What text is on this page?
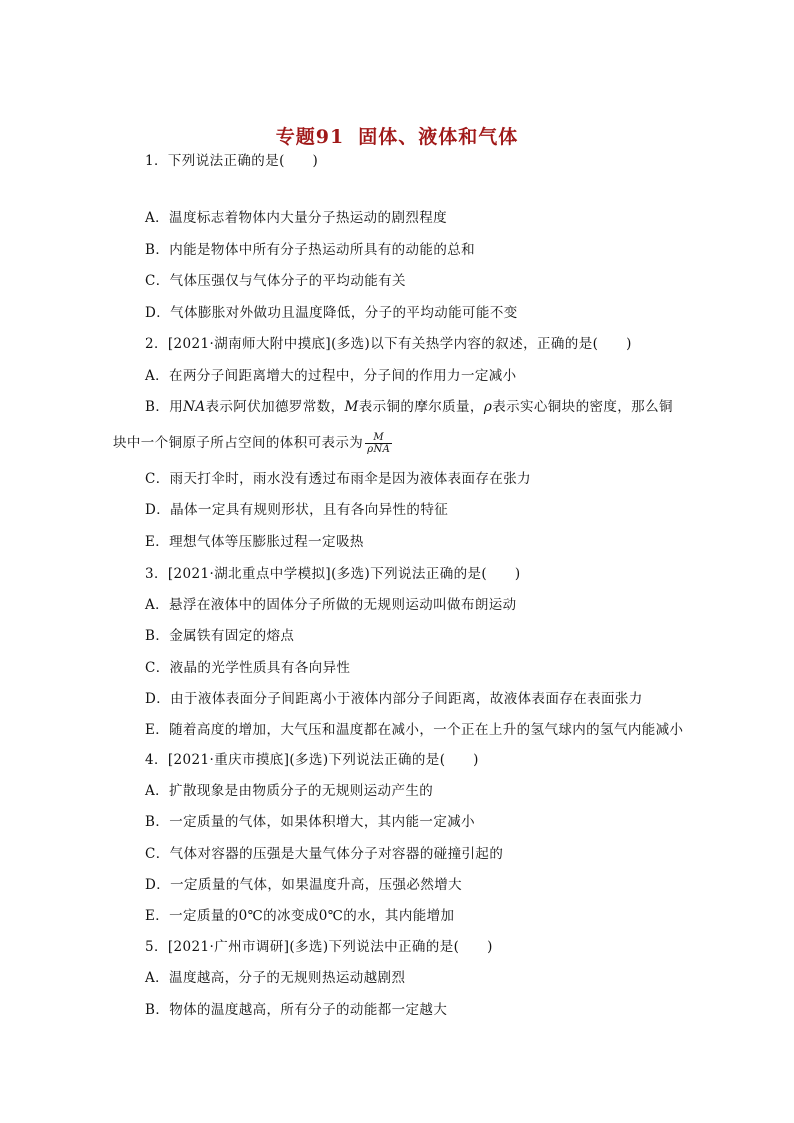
专题91 固体、液体和气体
1．下列说法正确的是(　　)
A．温度标志着物体内大量分子热运动的剧烈程度
B．内能是物体中所有分子热运动所具有的动能的总和
C．气体压强仅与气体分子的平均动能有关
D．气体膨胀对外做功且温度降低，分子的平均动能可能不变
2．[2021·湖南师大附中摸底](多选)以下有关热学内容的叙述，正确的是(　　)
A．在两分子间距离增大的过程中，分子间的作用力一定减小
B．用NA表示阿伏加德罗常数，M表示铜的摩尔质量，ρ表示实心铜块的密度，那么铜
块中一个铜原子所占空间的体积可表示为 $\frac{M}{\text{ρNA}}$
C．雨天打伞时，雨水没有透过布雨伞是因为液体表面存在张力
D．晶体一定具有规则形状，且有各向异性的特征
E．理想气体等压膨胀过程一定吸热
3．[2021·湖北重点中学模拟](多选)下列说法正确的是(　　)
A．悬浮在液体中的固体分子所做的无规则运动叫做布朗运动
B．金属铁有固定的熔点
C．液晶的光学性质具有各向异性
D．由于液体表面分子间距离小于液体内部分子间距离，故液体表面存在表面张力
E．随着高度的增加，大气压和温度都在减小，一个正在上升的氢气球内的氢气内能减小
4．[2021·重庆市摸底](多选)下列说法正确的是(　　)
A．扩散现象是由物质分子的无规则运动产生的
B．一定质量的气体，如果体积增大，其内能一定减小
C．气体对容器的压强是大量气体分子对容器的碰撞引起的
D．一定质量的气体，如果温度升高，压强必然增大
E．一定质量的0℃的冰变成0℃的水，其内能增加
5．[2021·广州市调研](多选)下列说法中正确的是(　　)
A．温度越高，分子的无规则热运动越剧烈
B．物体的温度越高，所有分子的动能都一定越大
